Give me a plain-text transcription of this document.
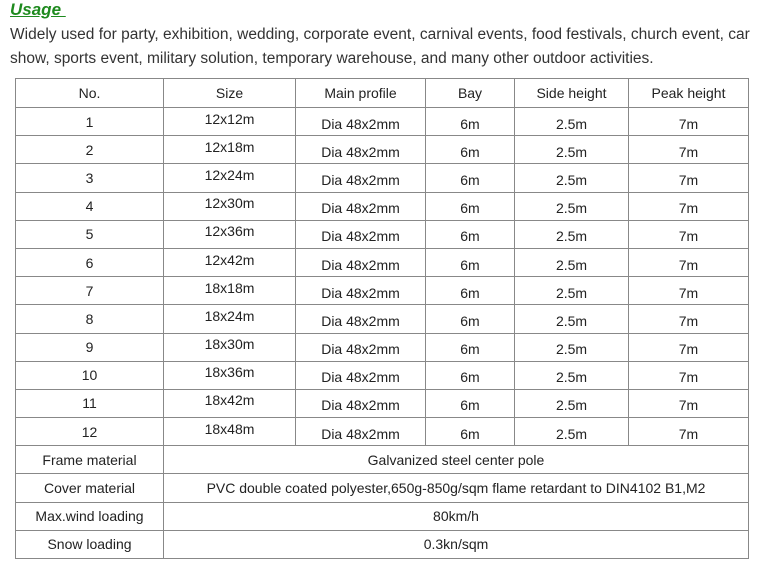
Usage
Widely used for party, exhibition, wedding, corporate event, carnival events, food festivals, church event, car show, sports event, military solution, temporary warehouse, and many other outdoor activities.
No.	Size	Main profile	Bay	Side height	Peak height
1	12x12m	Dia 48x2mm	6m	2.5m	7m
2	12x18m	Dia 48x2mm	6m	2.5m	7m
3	12x24m	Dia 48x2mm	6m	2.5m	7m
4	12x30m	Dia 48x2mm	6m	2.5m	7m
5	12x36m	Dia 48x2mm	6m	2.5m	7m
6	12x42m	Dia 48x2mm	6m	2.5m	7m
7	18x18m	Dia 48x2mm	6m	2.5m	7m
8	18x24m	Dia 48x2mm	6m	2.5m	7m
9	18x30m	Dia 48x2mm	6m	2.5m	7m
10	18x36m	Dia 48x2mm	6m	2.5m	7m
11	18x42m	Dia 48x2mm	6m	2.5m	7m
12	18x48m	Dia 48x2mm	6m	2.5m	7m
Frame material	Galvanized steel center pole				
Cover material	PVC double coated polyester,650g-850g/sqm flame retardant to DIN4102 B1,M2				
Max.wind loading	80km/h				
Snow loading	0.3kn/sqm				
